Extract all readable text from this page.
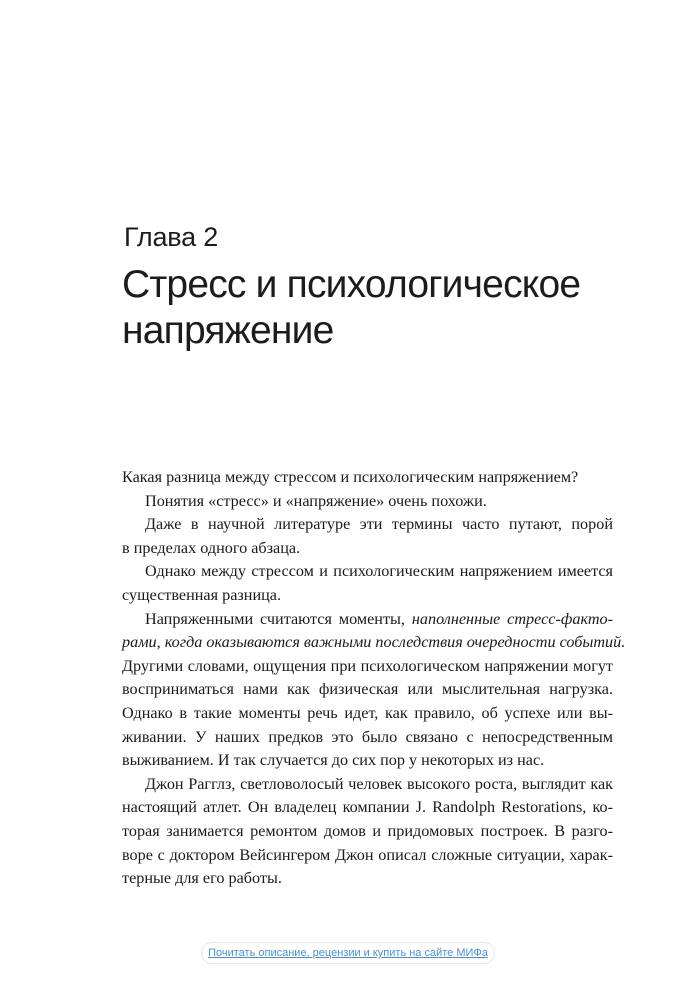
Глава 2
Стресс и психологическое
напряжение

Какая разница между стрессом и психологическим напряжением?

Понятия «стресс» и «напряжение» очень похожи.

Даже в научной литературе эти термины часто путают, порой
в пределах одного абзаца.

Однако между стрессом и психологическим напряжением имеется
существенная разница.

Напряженными считаются моменты, наполненные стресс-факто-
рами, когда оказываются важными последствия очередности событий.
Другими словами, ощущения при психологическом напряжении могут
восприниматься нами как физическая или мыслительная нагрузка.
Однако в такие моменты речь идет, как правило, об успехе или вы-
живании. У наших предков это было связано с непосредственным
выживанием. И так случается до сих пор у некоторых из нас.

Джон Рагглз, светловолосый человек высокого роста, выглядит как
настоящий атлет. Он владелец компании J. Randolph Restorations, ко-
торая занимается ремонтом домов и придомовых построек. В разго-
воре с доктором Вейсингером Джон описал сложные ситуации, харак-
терные для его работы.

Почитать описание, рецензии и купить на сайте МИФа
